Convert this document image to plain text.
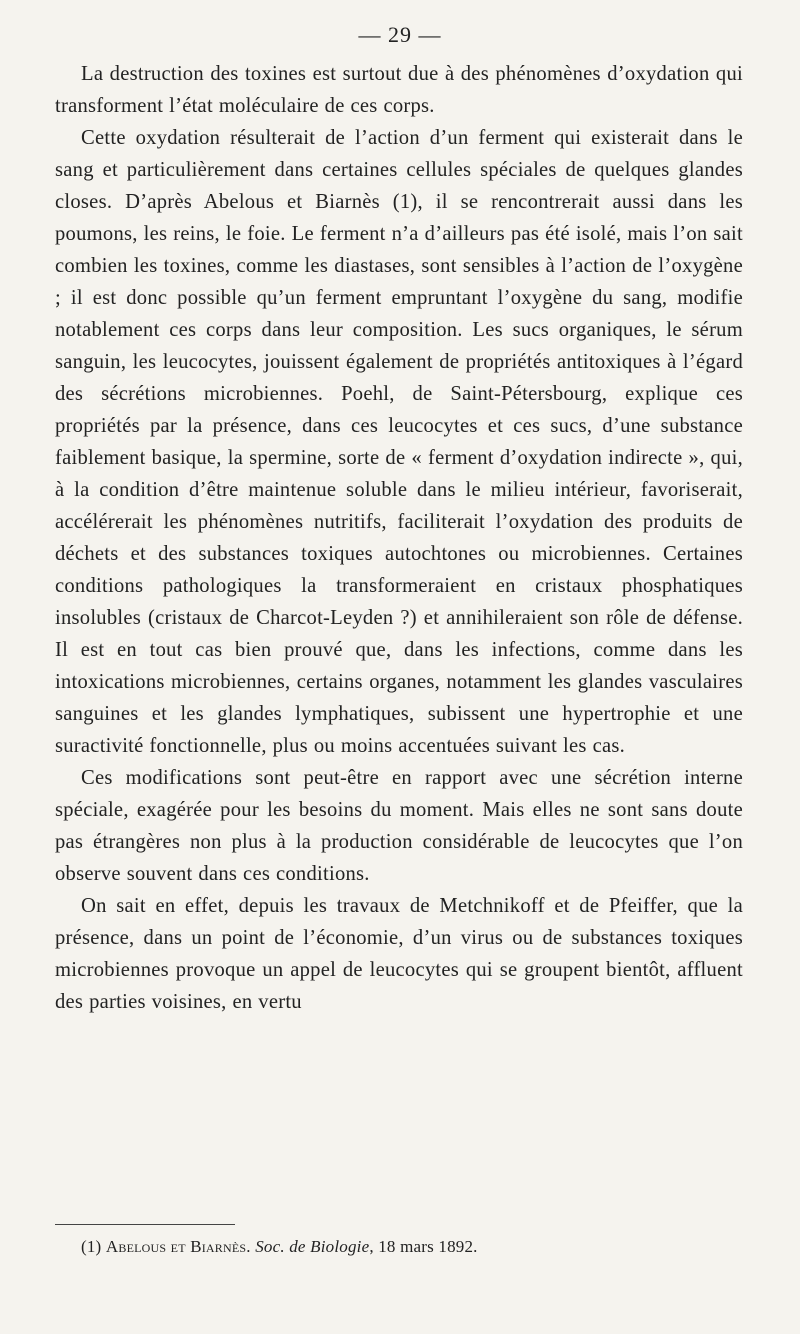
— 29 —

La destruction des toxines est surtout due à des phénomènes d’oxydation qui transforment l’état moléculaire de ces corps.

Cette oxydation résulterait de l’action d’un ferment qui existerait dans le sang et particulièrement dans certaines cellules spéciales de quelques glandes closes. D’après Abelous et Biarnès (1), il se rencontrerait aussi dans les poumons, les reins, le foie. Le ferment n’a d’ailleurs pas été isolé, mais l’on sait combien les toxines, comme les diastases, sont sensibles à l’action de l’oxygène ; il est donc possible qu’un ferment empruntant l’oxygène du sang, modifie notablement ces corps dans leur composition. Les sucs organiques, le sérum sanguin, les leucocytes, jouissent également de propriétés antitoxiques à l’égard des sécrétions microbiennes. Poehl, de Saint-Pétersbourg, explique ces propriétés par la présence, dans ces leucocytes et ces sucs, d’une substance faiblement basique, la spermine, sorte de « ferment d’oxydation indirecte », qui, à la condition d’être maintenue soluble dans le milieu intérieur, favoriserait, accélérerait les phénomènes nutritifs, faciliterait l’oxydation des produits de déchets et des substances toxiques autochtones ou microbiennes. Certaines conditions pathologiques la transformeraient en cristaux phosphatiques insolubles (cristaux de Charcot-Leyden ?) et annihileraient son rôle de défense. Il est en tout cas bien prouvé que, dans les infections, comme dans les intoxications microbiennes, certains organes, notamment les glandes vasculaires sanguines et les glandes lymphatiques, subissent une hypertrophie et une suractivité fonctionnelle, plus ou moins accentuées suivant les cas.

Ces modifications sont peut-être en rapport avec une sécrétion interne spéciale, exagérée pour les besoins du moment. Mais elles ne sont sans doute pas étrangères non plus à la production considérable de leucocytes que l’on observe souvent dans ces conditions.

On sait en effet, depuis les travaux de Metchnikoff et de Pfeiffer, que la présence, dans un point de l’économie, d’un virus ou de substances toxiques microbiennes provoque un appel de leucocytes qui se groupent bientôt, affluent des parties voisines, en vertu

(1) Abelous et Biarnès. Soc. de Biologie, 18 mars 1892.
